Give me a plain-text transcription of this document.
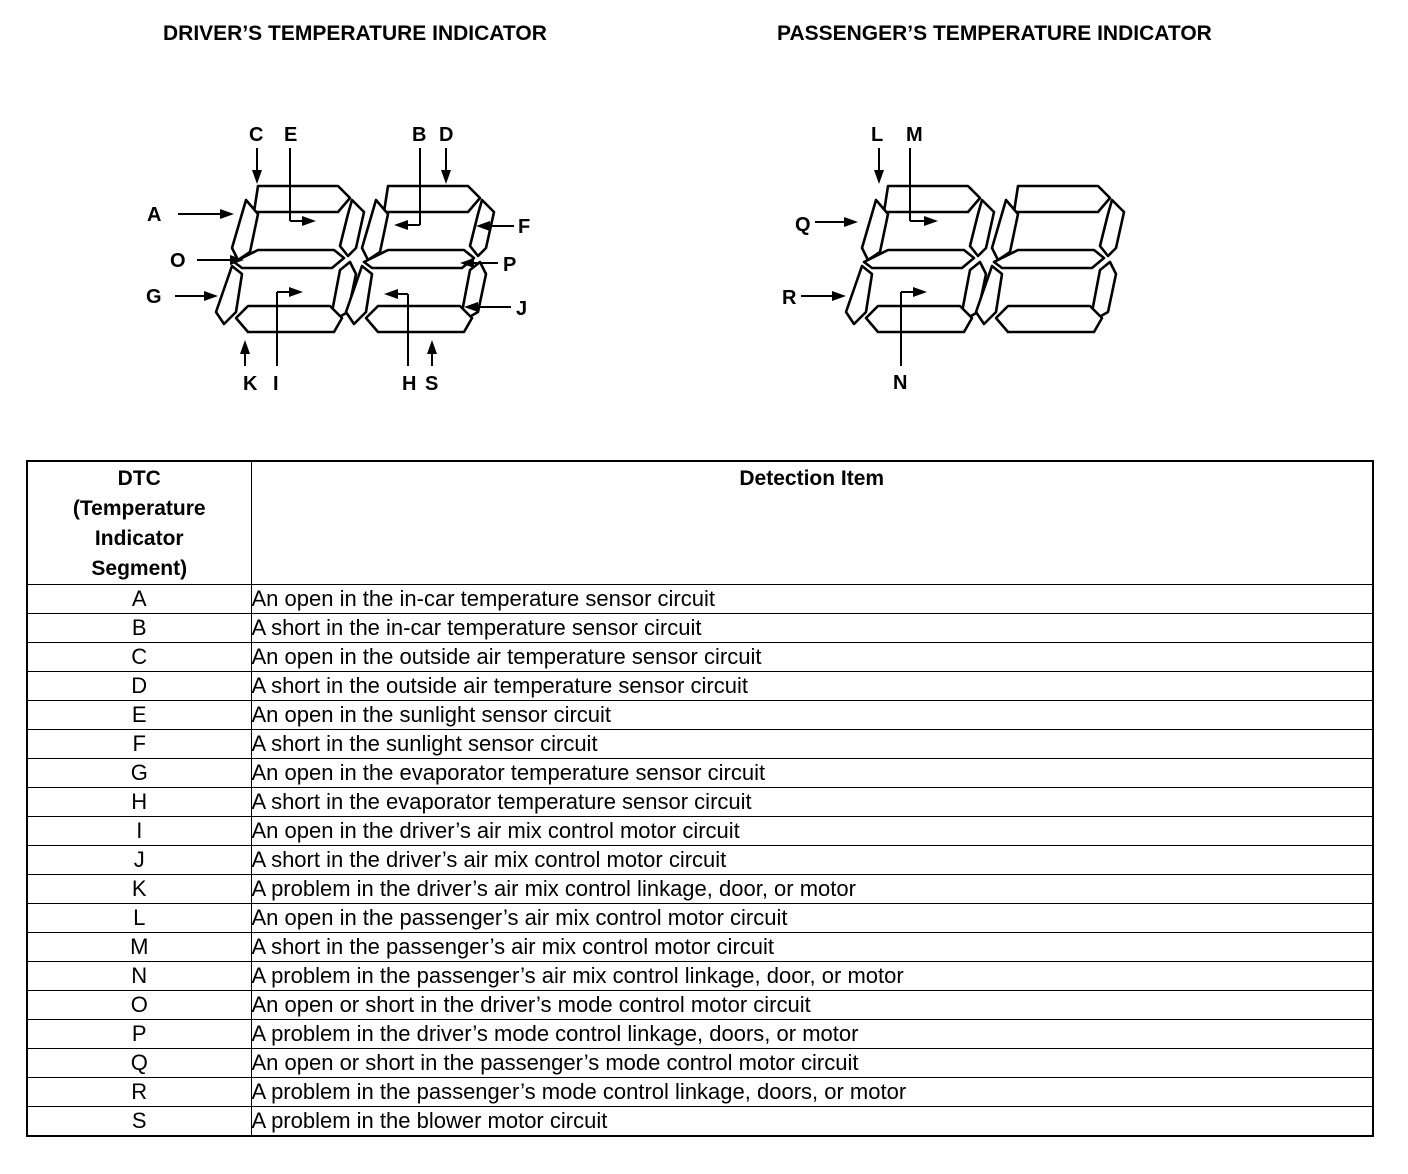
DRIVER’S TEMPERATURE INDICATOR	PASSENGER’S TEMPERATURE INDICATOR
C E	B D
A
O
G
F
P
J
K I	H S
L M
Q
R
N
DTC
(Temperature
Indicator
Segment)	Detection Item
A	An open in the in-car temperature sensor circuit
B	A short in the in-car temperature sensor circuit
C	An open in the outside air temperature sensor circuit
D	A short in the outside air temperature sensor circuit
E	An open in the sunlight sensor circuit
F	A short in the sunlight sensor circuit
G	An open in the evaporator temperature sensor circuit
H	A short in the evaporator temperature sensor circuit
I	An open in the driver’s air mix control motor circuit
J	A short in the driver’s air mix control motor circuit
K	A problem in the driver’s air mix control linkage, door, or motor
L	An open in the passenger’s air mix control motor circuit
M	A short in the passenger’s air mix control motor circuit
N	A problem in the passenger’s air mix control linkage, door, or motor
O	An open or short in the driver’s mode control motor circuit
P	A problem in the driver’s mode control linkage, doors, or motor
Q	An open or short in the passenger’s mode control motor circuit
R	A problem in the passenger’s mode control linkage, doors, or motor
S	A problem in the blower motor circuit
